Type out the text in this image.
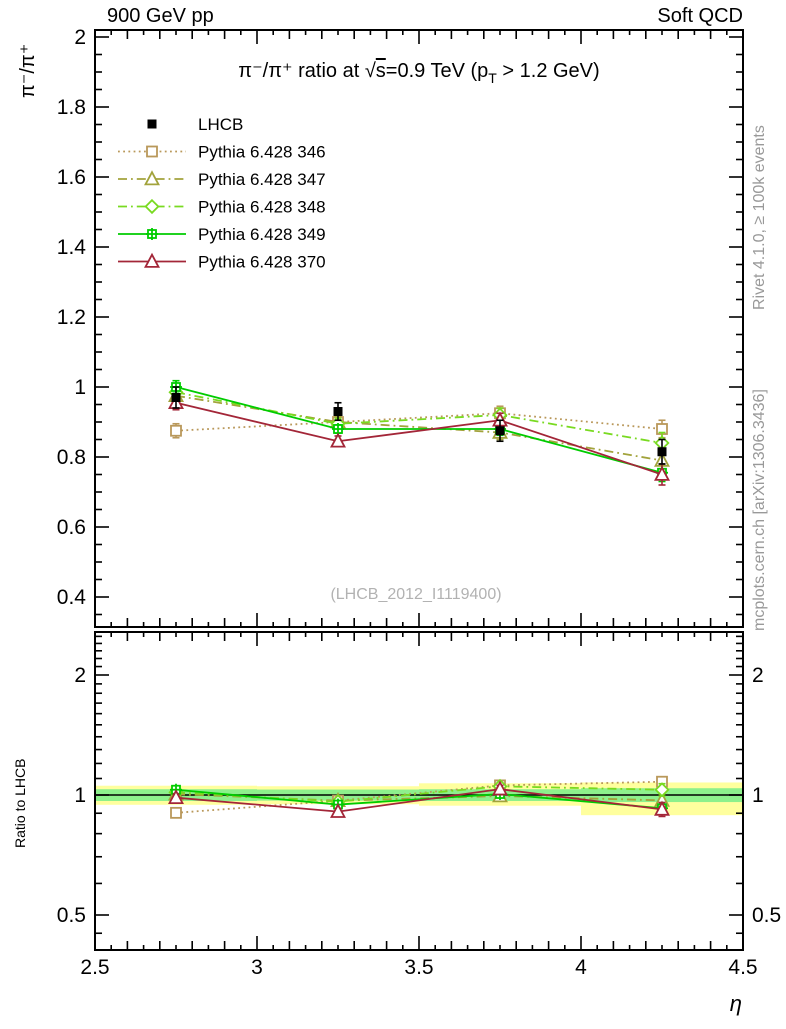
2.5	3	3.5	4	4.5
0.4
0.6
0.8
1
1.2
1.4
1.6
1.8
2
0.5	0.5
1	1
2	2
LHCB
Pythia 6.428 346
Pythia 6.428 347
Pythia 6.428 348
Pythia 6.428 349
Pythia 6.428 370
900 GeV pp	Soft QCD
π⁻/π⁺ ratio at √s=0.9 TeV ($p_T > 1.2$ GeV)
π⁻/π⁺
Ratio to LHCB
η
(LHCB_2012_I1119400)
Rivet 4.1.0, ≥ 100k events
mcplots.cern.ch [arXiv:1306.3436]
